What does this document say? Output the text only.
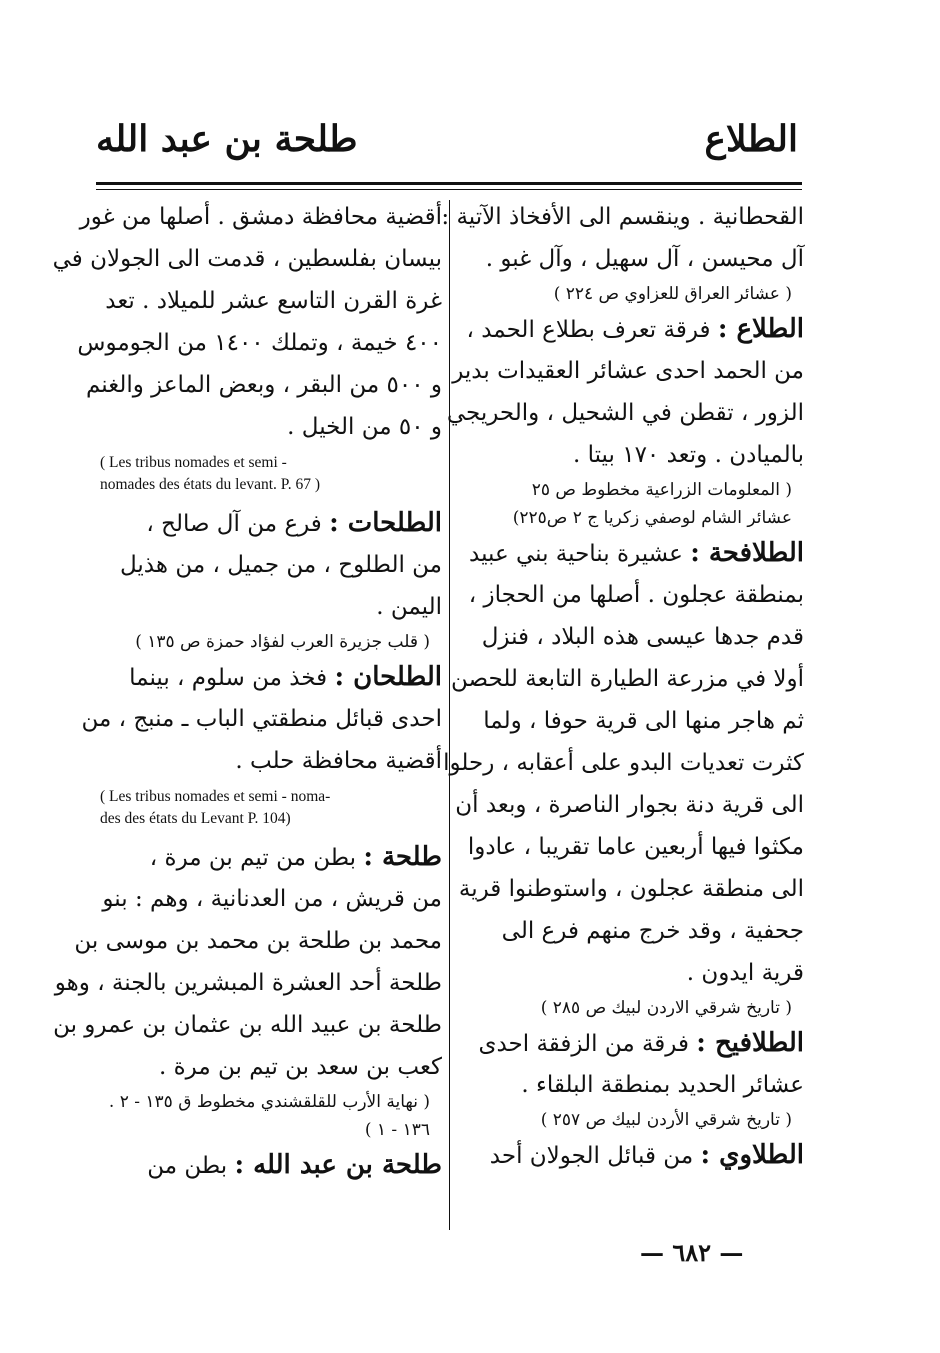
الطلاع
طلحة بن عبد الله
القحطانية . وينقسم الى الأفخاذ الآتية :
آل محيسن ، آل سهيل ، وآل غبو .
( عشائر العراق للعزاوي ص ٢٢٤ )
الطلاع : فرقة تعرف بطلاع الحمد ،
من الحمد احدى عشائر العقيدات بدير
الزور ، تقطن في الشحيل ، والحريجي
بالميادن . وتعد ١٧٠ بيتا .
( المعلومات الزراعية مخطوط ص ٢٥
عشائر الشام لوصفي زكريا ج ٢ ص٢٢٥)
الطلافحة : عشيرة بناحية بني عبيد
بمنطقة عجلون . أصلها من الحجاز ،
قدم جدها عيسى هذه البلاد ، فنزل
أولا في مزرعة الطيارة التابعة للحصن
ثم هاجر منها الى قرية حوفا ، ولما
كثرت تعديات البدو على أعقابه ، رحلوا
الى قرية دنة بجوار الناصرة ، وبعد أن
مكثوا فيها أربعين عاما تقريبا ، عادوا
الى منطقة عجلون ، واستوطنوا قرية
جحفية ، وقد خرج منهم فرع الى
قرية ايدون .
( تاريخ شرقي الاردن لبيك ص ٢٨٥ )
الطلافيح : فرقة من الزفقة احدى
عشائر الحديد بمنطقة البلقاء .
( تاريخ شرقي الأردن لبيك ص ٢٥٧ )
الطلاوي : من قبائل الجولان أحد
أقضية محافظة دمشق . أصلها من غور
بيسان بفلسطين ، قدمت الى الجولان في
غرة القرن التاسع عشر للميلاد . تعد
٤٠٠ خيمة ، وتملك ١٤٠٠ من الجوموس
و ٥٠٠ من البقر ، وبعض الماعز والغنم
و ٥٠ من الخيل .
( Les tribus nomades et semi -
nomades des états du levant. P. 67 )
الطلحات : فرع من آل صالح ،
من الطلوح ، من جميل ، من هذيل
اليمن .
( قلب جزيرة العرب لفؤاد حمزة ص ١٣٥ )
الطلحان : فخذ من سلوم ، بينما
احدى قبائل منطقتي الباب ـ منبج ، من
أقضية محافظة حلب .
( Les tribus nomades et semi - noma-
des des états du Levant P. 104)
طلحة : بطن من تيم بن مرة ،
من قريش ، من العدنانية ، وهم : بنو
محمد بن طلحة بن محمد بن موسى بن
طلحة أحد العشرة المبشرين بالجنة ، وهو
طلحة بن عبيد الله بن عثمان بن عمرو بن
كعب بن سعد بن تيم بن مرة .
( نهاية الأرب للقلقشندي مخطوط ق ١٣٥ - ٢ .
١٣٦ - ١ )
طلحة بن عبد الله : بطن من
— ٦٨٢ —
